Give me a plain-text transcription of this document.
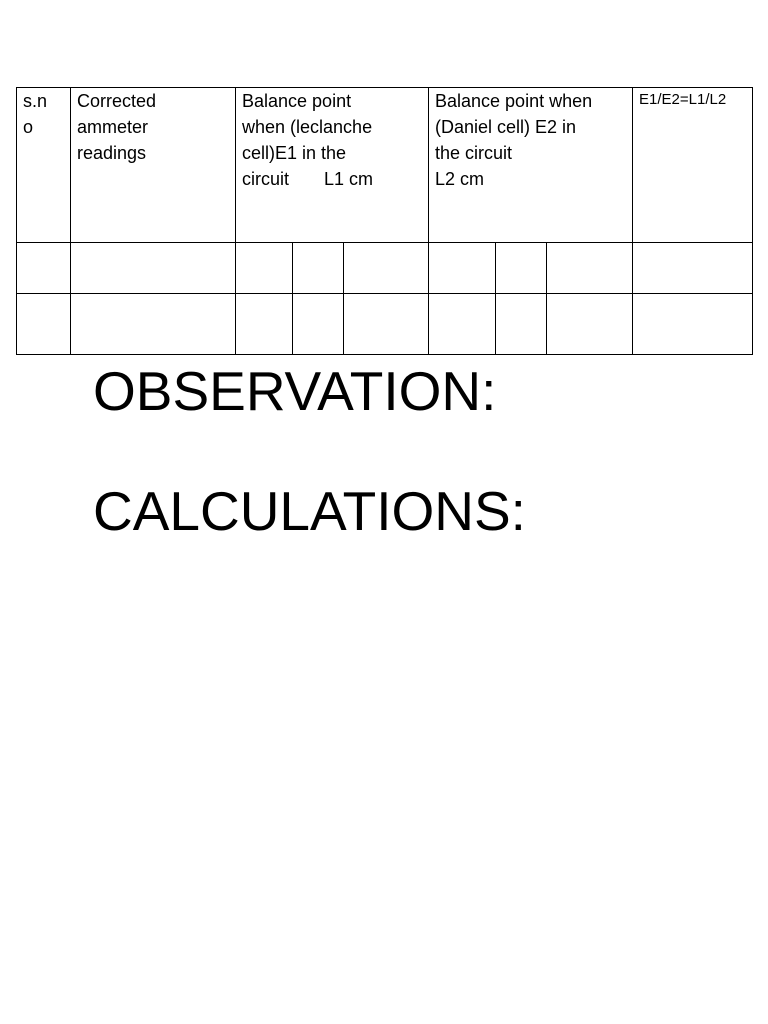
s.n
o	Corrected
ammeter
readings	Balance point
when (leclanche
cell)E1 in the
circuit       L1 cm			Balance point when
(Daniel cell) E2 in
the circuit
L2 cm			E1/E2=L1/L2

OBSERVATION:
CALCULATIONS:
